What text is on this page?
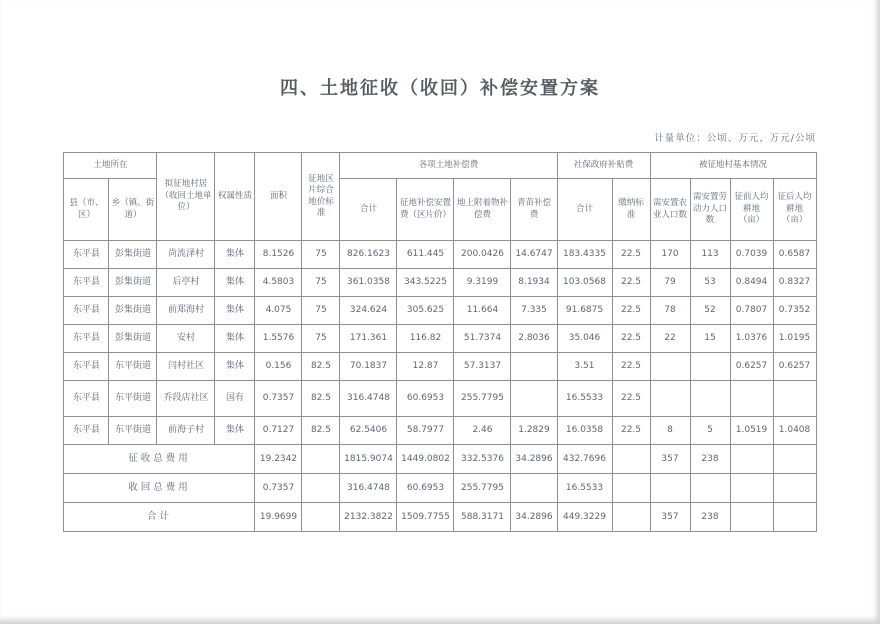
四、土地征收（收回）补偿安置方案
计量单位：公顷、万元、万元/公顷
土地所在		拟征地村居（收回土地单位）	权属性质	面积	征地区片综合地价标准	各项土地补偿费				社保政府补贴费		被征地村基本情况			
县（市、区）	乡（镇、街道）					合计	征地补偿安置费（区片价）	地上附着物补偿费	青苗补偿费	合计	缴纳标准	需安置农业人口数	需安置劳动力人口数	征前人均耕地（亩）	征后人均耕地（亩）
东平县	彭集街道	尚流泽村	集体	8.1526	75	826.1623	611.445	200.0426	14.6747	183.4335	22.5	170	113	0.7039	0.6587
东平县	彭集街道	后亭村	集体	4.5803	75	361.0358	343.5225	9.3199	8.1934	103.0568	22.5	79	53	0.8494	0.8327
东平县	彭集街道	前郑海村	集体	4.075	75	324.624	305.625	11.664	7.335	91.6875	22.5	78	52	0.7807	0.7352
东平县	彭集街道	安村	集体	1.5576	75	171.361	116.82	51.7374	2.8036	35.046	22.5	22	15	1.0376	1.0195
东平县	东平街道	闫村社区	集体	0.156	82.5	70.1837	12.87	57.3137		3.51	22.5			0.6257	0.6257
东平县	东平街道	乔段店社区	国有	0.7357	82.5	316.4748	60.6953	255.7795		16.5533	22.5				
东平县	东平街道	前海子村	集体	0.7127	82.5	62.5406	58.7977	2.46	1.2829	16.0358	22.5	8	5	1.0519	1.0408
征收总费用				19.2342		1815.9074	1449.0802	332.5376	34.2896	432.7696		357	238		
收回总费用				0.7357		316.4748	60.6953	255.7795		16.5533					
合计				19.9699		2132.3822	1509.7755	588.3171	34.2896	449.3229		357	238		
